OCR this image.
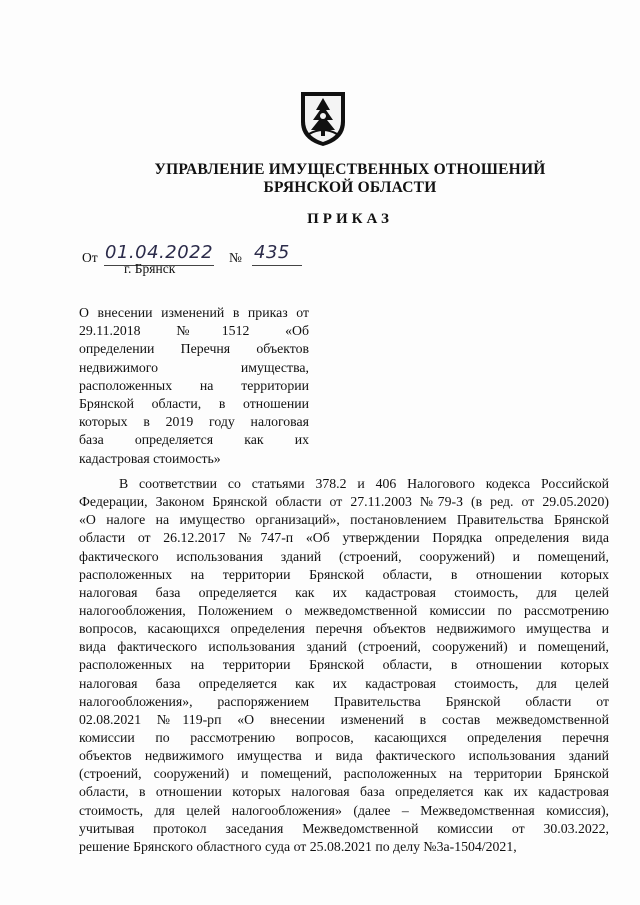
УПРАВЛЕНИЕ ИМУЩЕСТВЕННЫХ ОТНОШЕНИЙ
БРЯНСКОЙ ОБЛАСТИ
ПРИКАЗ
От 01.04.2022 № 435
г. Брянск
О внесении изменений в приказ от
29.11.2018 №1512 «Об
определении Перечня объектов
недвижимого имущества,
расположенных на территории
Брянской области, в отношении
которых в 2019 году налоговая
база определяется как их
кадастровая стоимость»
В соответствии со статьями 378.2 и 406 Налогового кодекса Российской
Федерации, Законом Брянской области от 27.11.2003 №79-З (в ред. от 29.05.2020)
«О налоге на имущество организаций», постановлением Правительства Брянской
области от 26.12.2017 №747-п «Об утверждении Порядка определения вида
фактического использования зданий (строений, сооружений) и помещений,
расположенных на территории Брянской области, в отношении которых
налоговая база определяется как их кадастровая стоимость, для целей
налогообложения, Положением о межведомственной комиссии по рассмотрению
вопросов, касающихся определения перечня объектов недвижимого имущества и
вида фактического использования зданий (строений, сооружений) и помещений,
расположенных на территории Брянской области, в отношении которых
налоговая база определяется как их кадастровая стоимость, для целей
налогообложения», распоряжением Правительства Брянской области от
02.08.2021 №119-рп «О внесении изменений в состав межведомственной
комиссии по рассмотрению вопросов, касающихся определения перечня
объектов недвижимого имущества и вида фактического использования зданий
(строений, сооружений) и помещений, расположенных на территории Брянской
области, в отношении которых налоговая база определяется как их кадастровая
стоимость, для целей налогообложения» (далее – Межведомственная комиссия),
учитывая протокол заседания Межведомственной комиссии от 30.03.2022,
решение Брянского областного суда от 25.08.2021 по делу №3а-1504/2021,
